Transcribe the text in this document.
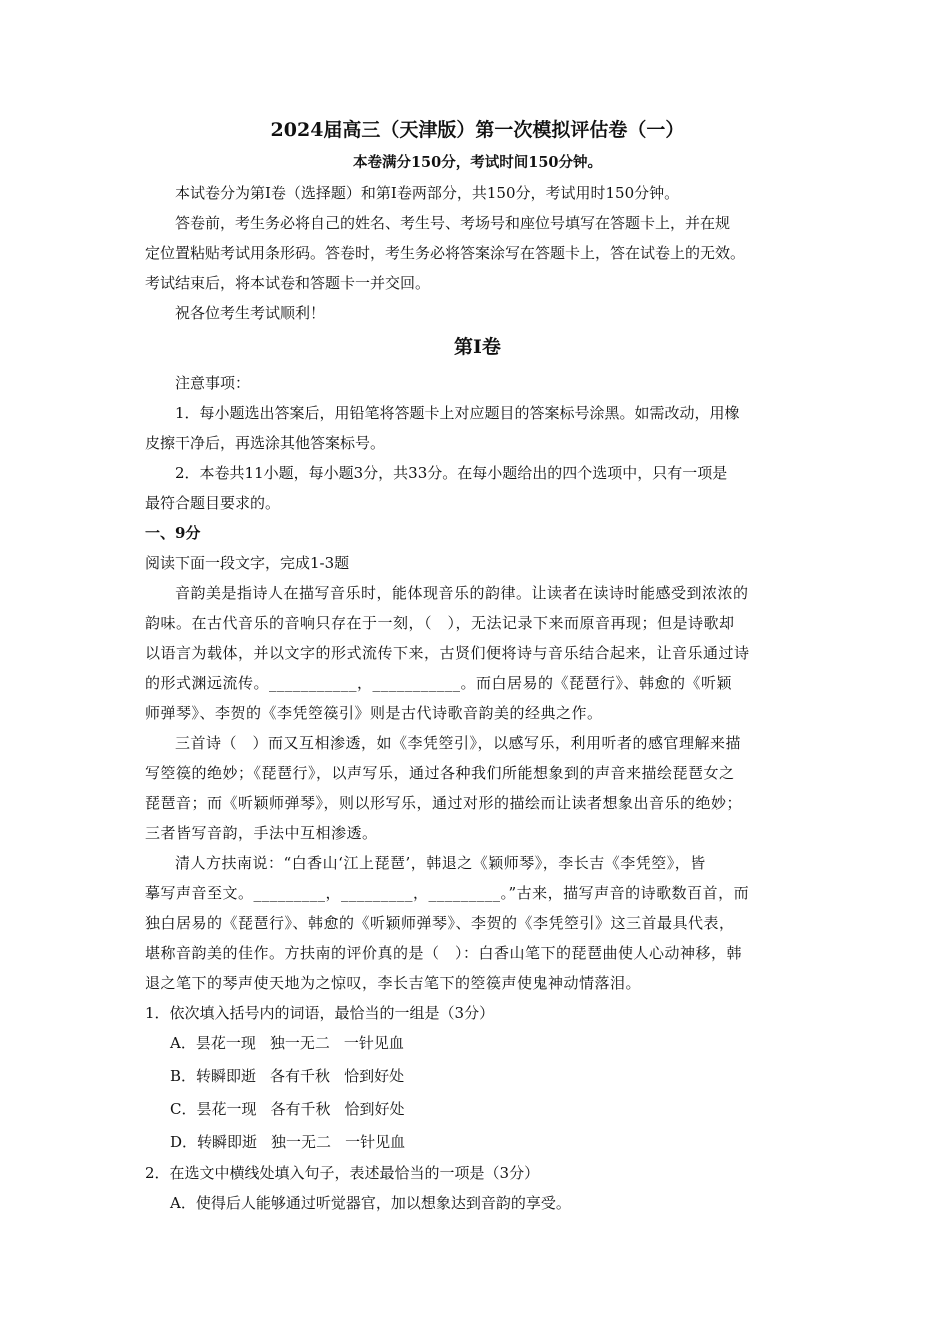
2024届高三（天津版）第一次模拟评估卷（一）
本卷满分150分，考试时间150分钟。
本试卷分为第Ⅰ卷（选择题）和第Ⅰ卷两部分，共150分，考试用时150分钟。
答卷前，考生务必将自己的姓名、考生号、考场号和座位号填写在答题卡上，并在规
定位置粘贴考试用条形码。答卷时，考生务必将答案涂写在答题卡上，答在试卷上的无效。
考试结束后，将本试卷和答题卡一并交回。
祝各位考生考试顺利！
第Ⅰ卷
注意事项：
1．每小题选出答案后，用铅笔将答题卡上对应题目的答案标号涂黑。如需改动，用橡
皮擦干净后，再选涂其他答案标号。
2．本卷共11小题，每小题3分，共33分。在每小题给出的四个选项中，只有一项是
最符合题目要求的。
一、9分
阅读下面一段文字，完成1-3题
音韵美是指诗人在描写音乐时，能体现音乐的韵律。让读者在读诗时能感受到浓浓的
韵味。在古代音乐的音响只存在于一刻，（　），无法记录下来而原音再现；但是诗歌却
以语言为载体，并以文字的形式流传下来，古贤们便将诗与音乐结合起来，让音乐通过诗
的形式渊远流传。___________，___________。而白居易的《琵琶行》、韩愈的《听颖
师弹琴》、李贺的《李凭箜篌引》则是古代诗歌音韵美的经典之作。
三首诗（　）而又互相渗透，如《李凭箜引》，以感写乐，利用听者的感官理解来描
写箜篌的绝妙；《琵琶行》，以声写乐，通过各种我们所能想象到的声音来描绘琵琶女之
琵琶音；而《听颖师弹琴》，则以形写乐，通过对形的描绘而让读者想象出音乐的绝妙；
三者皆写音韵，手法中互相渗透。
清人方扶南说：“白香山‘江上琵琶’，韩退之《颖师琴》，李长吉《李凭箜》，皆
摹写声音至文。_________，_________，_________。”古来，描写声音的诗歌数百首，而
独白居易的《琵琶行》、韩愈的《听颖师弹琴》、李贺的《李凭箜引》这三首最具代表，
堪称音韵美的佳作。方扶南的评价真的是（　）：白香山笔下的琵琶曲使人心动神移，韩
退之笔下的琴声使天地为之惊叹，李长吉笔下的箜篌声使鬼神动情落泪。
1．依次填入括号内的词语，最恰当的一组是（3分）
A．昙花一现 独一无二 一针见血
B．转瞬即逝 各有千秋 恰到好处
C．昙花一现 各有千秋 恰到好处
D．转瞬即逝 独一无二 一针见血
2．在选文中横线处填入句子，表述最恰当的一项是（3分）
A．使得后人能够通过听觉器官，加以想象达到音韵的享受。
